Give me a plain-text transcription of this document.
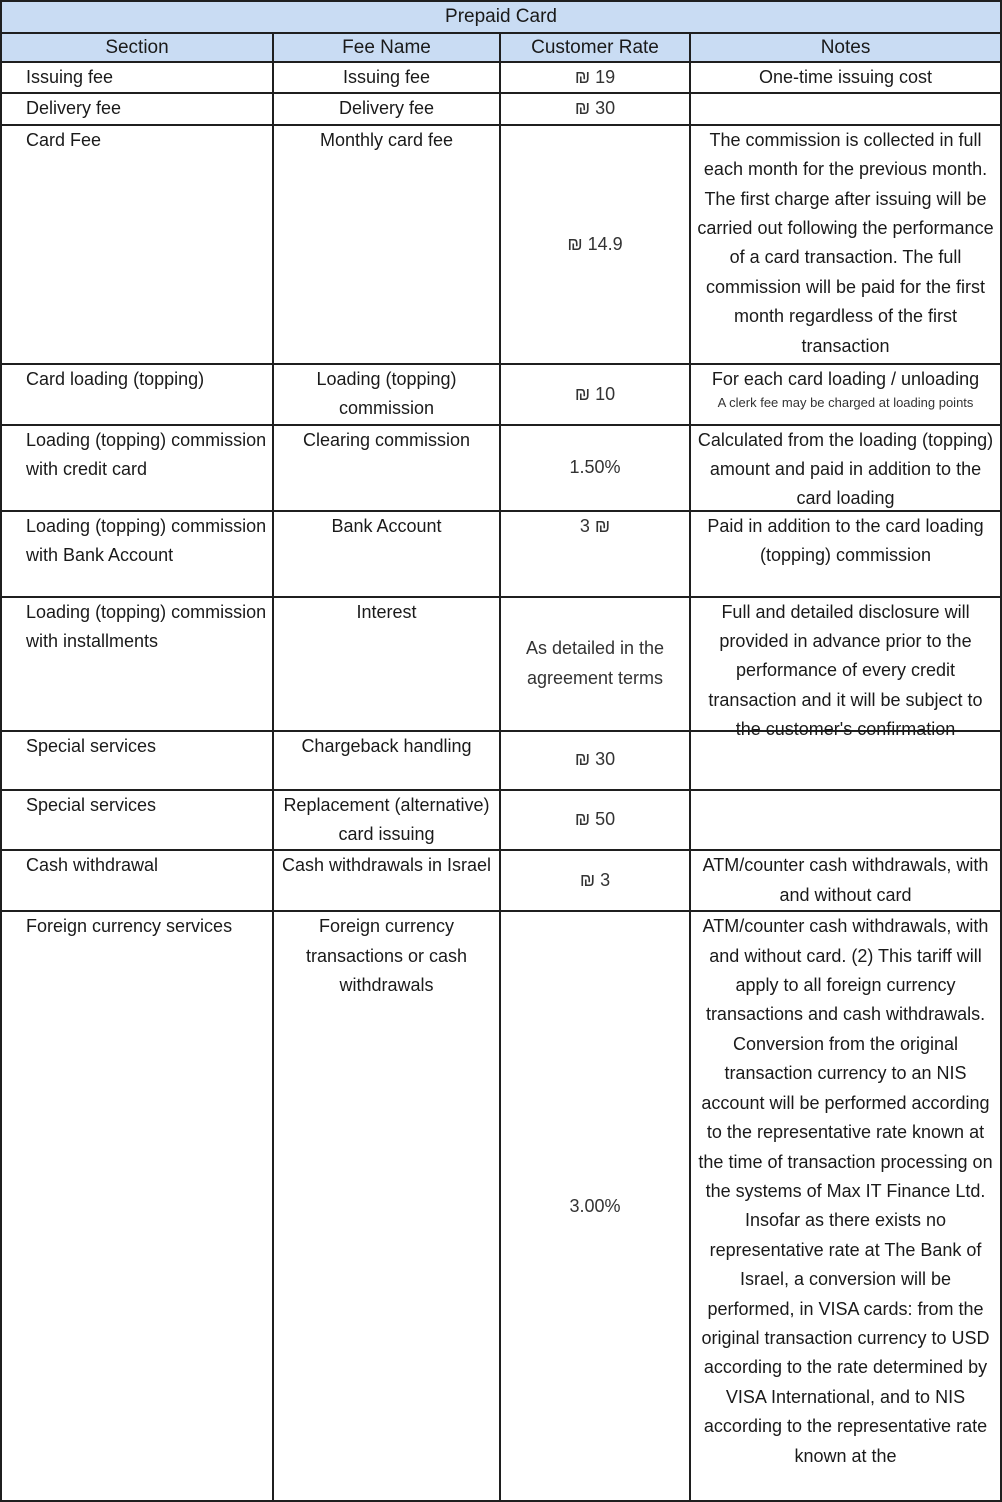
Prepaid Card			
Section	Fee Name	Customer Rate	Notes
Issuing fee	Issuing fee	₪ 19	One-time issuing cost
Delivery fee	Delivery fee	₪ 30	
Card Fee	Monthly card fee	₪ 14.9	The commission is collected in full each month for the previous month. The first charge after issuing will be carried out following the performance of a card transaction. The full commission will be paid for the first month regardless of the first transaction
Card loading (topping)	Loading (topping) commission	₪ 10	For each card loading / unloading
A clerk fee may be charged at loading points

Loading (topping) commission with credit card	Clearing commission	1.50%	Calculated from the loading (topping) amount and paid in addition to the card loading

Loading (topping) commission with Bank Account	Bank Account	3 ₪	Paid in addition to the card loading (topping) commission
Loading (topping) commission with installments	Interest	As detailed in the agreement terms	Full and detailed disclosure will provided in advance prior to the performance of every credit transaction and it will be subject to the customer's confirmation

Special services	Chargeback handling	₪ 30	
Special services	Replacement (alternative) card issuing	₪ 50	
Cash withdrawal	Cash withdrawals in Israel	₪ 3	ATM/counter cash withdrawals, with and without card
Foreign currency services	Foreign currency transactions or cash withdrawals	3.00%	ATM/counter cash withdrawals, with and without card. (2) This tariff will apply to all foreign currency transactions and cash withdrawals. Conversion from the original transaction currency to an NIS account will be performed according to the representative rate known at the time of transaction processing on the systems of Max IT Finance Ltd. Insofar as there exists no representative rate at The Bank of Israel, a conversion will be performed, in VISA cards: from the original transaction currency to USD according to the rate determined by VISA International, and to NIS according to the representative rate known at the
